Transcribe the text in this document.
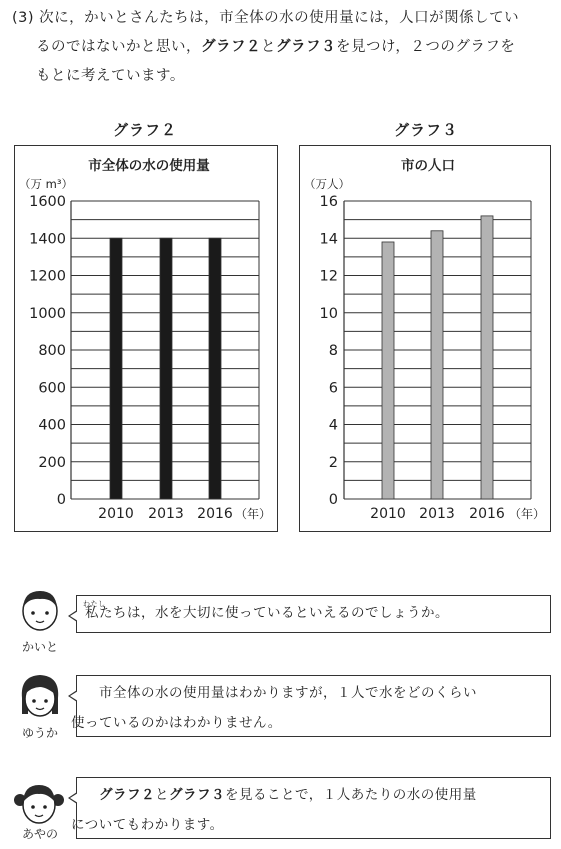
(3) 次に，かいとさんたちは，市全体の水の使用量には，人口が関係してい
るのではないかと思い，グラフ２とグラフ３を見つけ，２つのグラフを
もとに考えています。
グラフ２
市全体の水の使用量
（万 m³）
0
200
400
600
800
1000
1200
1400
1600
2010 2013 2016 （年）
グラフ３
市の人口
（万人）
0
2
4
6
8
10
12
14
16
2010 2013 2016 （年）
かいと
わたし
私たちは，水を大切に使っているといえるのでしょうか。
ゆうか
市全体の水の使用量はわかりますが，１人で水をどのくらい
使っているのかはわかりません。
あやの
グラフ２とグラフ３を見ることで，１人あたりの水の使用量
についてもわかります。
